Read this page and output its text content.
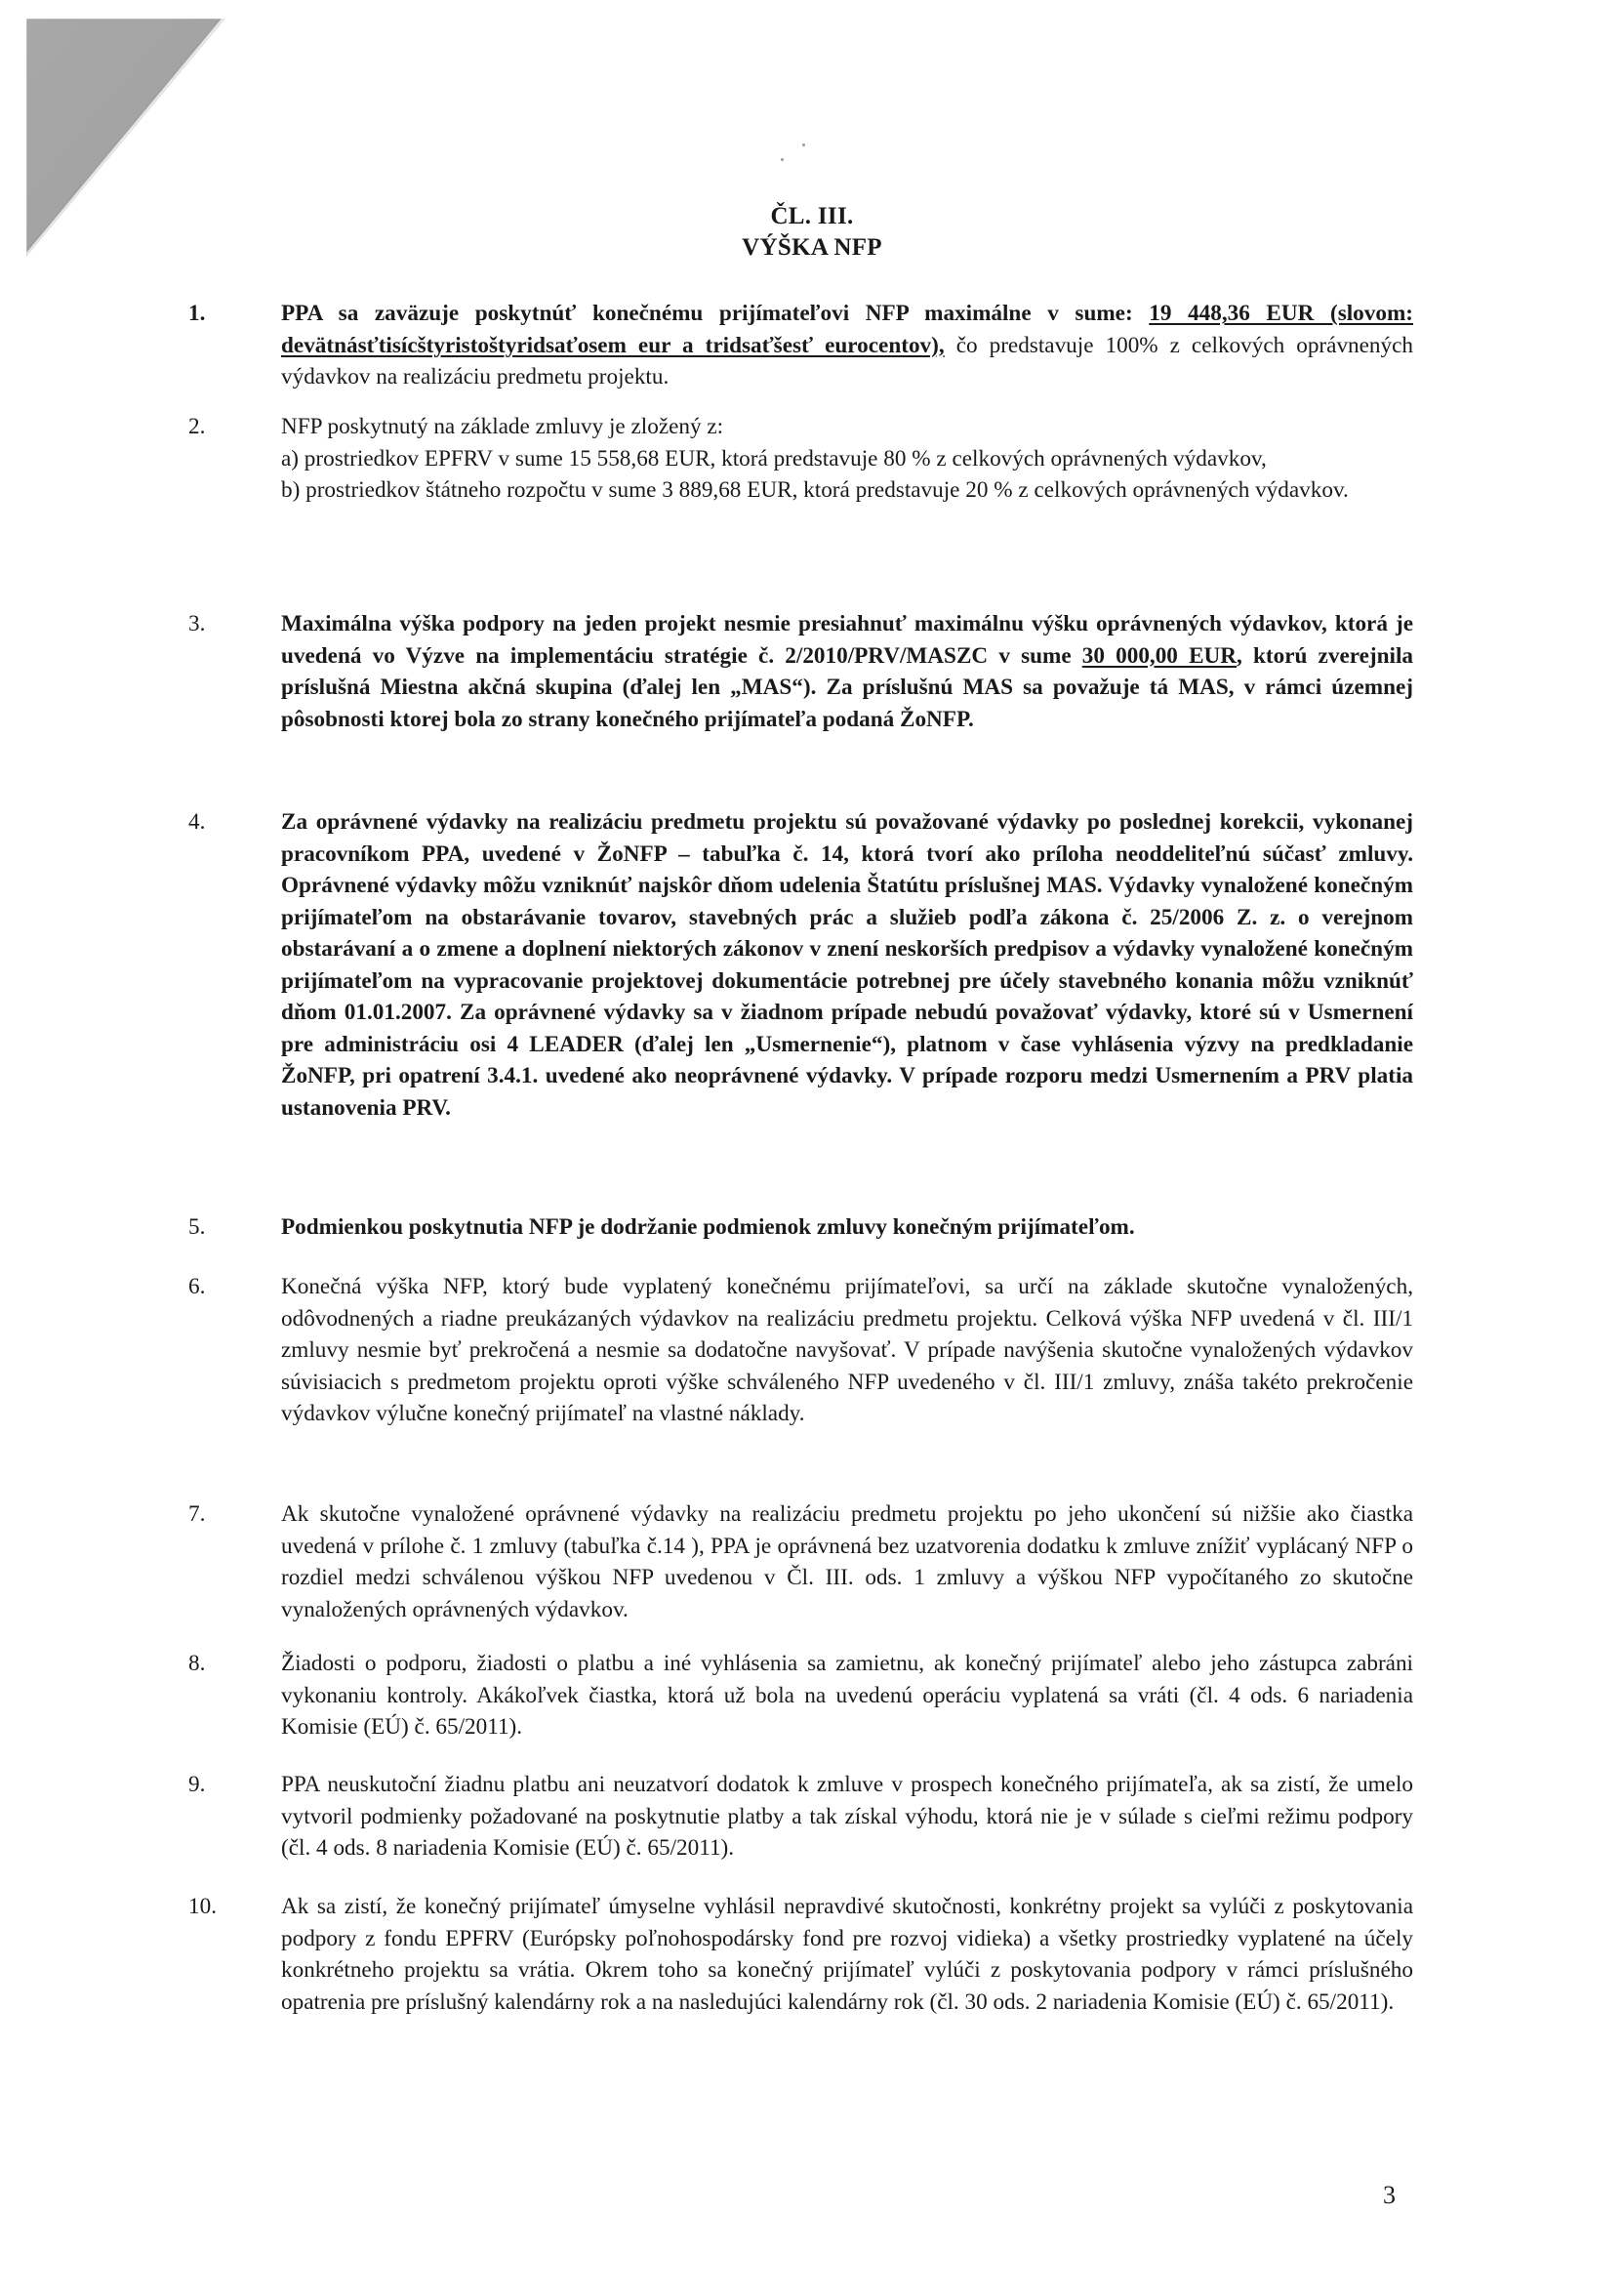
ČL. III.
VÝŠKA NFP
1.	PPA sa zaväzuje poskytnúť konečnému prijímateľovi NFP maximálne v sume: 19 448,36 EUR (slovom: devätnásťtisícštyristoštyridsaťosem eur a tridsaťšesť eurocentov), čo predstavuje 100% z celkových oprávnených výdavkov na realizáciu predmetu projektu.
2.	NFP poskytnutý na základe zmluvy je zložený z:
a) prostriedkov EPFRV v sume 15 558,68 EUR, ktorá predstavuje 80 % z celkových oprávnených výdavkov,
b) prostriedkov štátneho rozpočtu v sume 3 889,68 EUR, ktorá predstavuje 20 % z celkových oprávnených výdavkov.
3.	Maximálna výška podpory na jeden projekt nesmie presiahnuť maximálnu výšku oprávnených výdavkov, ktorá je uvedená vo Výzve na implementáciu stratégie č. 2/2010/PRV/MASZC v sume 30 000,00 EUR, ktorú zverejnila príslušná Miestna akčná skupina (ďalej len „MAS“). Za príslušnú MAS sa považuje tá MAS, v rámci územnej pôsobnosti ktorej bola zo strany konečného prijímateľa podaná ŽoNFP.
4.	Za oprávnené výdavky na realizáciu predmetu projektu sú považované výdavky po poslednej korekcii, vykonanej pracovníkom PPA, uvedené v ŽoNFP – tabuľka č. 14, ktorá tvorí ako príloha neoddeliteľnú súčasť zmluvy. Oprávnené výdavky môžu vzniknúť najskôr dňom udelenia Štatútu príslušnej MAS. Výdavky vynaložené konečným prijímateľom na obstarávanie tovarov, stavebných prác a služieb podľa zákona č. 25/2006 Z. z. o verejnom obstarávaní a o zmene a doplnení niektorých zákonov v znení neskorších predpisov a výdavky vynaložené konečným prijímateľom na vypracovanie projektovej dokumentácie potrebnej pre účely stavebného konania môžu vzniknúť dňom 01.01.2007. Za oprávnené výdavky sa v žiadnom prípade nebudú považovať výdavky, ktoré sú v Usmernení pre administráciu osi 4 LEADER (ďalej len „Usmernenie“), platnom v čase vyhlásenia výzvy na predkladanie ŽoNFP, pri opatrení 3.4.1. uvedené ako neoprávnené výdavky. V prípade rozporu medzi Usmernením a PRV platia ustanovenia PRV.
5.	Podmienkou poskytnutia NFP je dodržanie podmienok zmluvy konečným prijímateľom.
6.	Konečná výška NFP, ktorý bude vyplatený konečnému prijímateľovi, sa určí na základe skutočne vynaložených, odôvodnených a riadne preukázaných výdavkov na realizáciu predmetu projektu. Celková výška NFP uvedená v čl. III/1 zmluvy nesmie byť prekročená a nesmie sa dodatočne navyšovať. V prípade navýšenia skutočne vynaložených výdavkov súvisiacich s predmetom projektu oproti výške schváleného NFP uvedeného v čl. III/1 zmluvy, znáša takéto prekročenie výdavkov výlučne konečný prijímateľ na vlastné náklady.
7.	Ak skutočne vynaložené oprávnené výdavky na realizáciu predmetu projektu po jeho ukončení sú nižšie ako čiastka uvedená v prílohe č. 1 zmluvy (tabuľka č.14 ), PPA je oprávnená bez uzatvorenia dodatku k zmluve znížiť vyplácaný NFP o rozdiel medzi schválenou výškou NFP uvedenou v Čl. III. ods. 1 zmluvy a výškou NFP vypočítaného zo skutočne vynaložených oprávnených výdavkov.
8.	Žiadosti o podporu, žiadosti o platbu a iné vyhlásenia sa zamietnu, ak konečný prijímateľ alebo jeho zástupca zabráni vykonaniu kontroly. Akákoľvek čiastka, ktorá už bola na uvedenú operáciu vyplatená sa vráti (čl. 4 ods. 6 nariadenia Komisie (EÚ) č. 65/2011).
9.	PPA neuskutoční žiadnu platbu ani neuzatvorí dodatok k zmluve v prospech konečného prijímateľa, ak sa zistí, že umelo vytvoril podmienky požadované na poskytnutie platby a tak získal výhodu, ktorá nie je v súlade s cieľmi režimu podpory (čl. 4 ods. 8 nariadenia Komisie (EÚ) č. 65/2011).
10.	Ak sa zistí, že konečný prijímateľ úmyselne vyhlásil nepravdivé skutočnosti, konkrétny projekt sa vylúči z poskytovania podpory z fondu EPFRV (Európsky poľnohospodársky fond pre rozvoj vidieka) a všetky prostriedky vyplatené na účely konkrétneho projektu sa vrátia. Okrem toho sa konečný prijímateľ vylúči z poskytovania podpory v rámci príslušného opatrenia pre príslušný kalendárny rok a na nasledujúci kalendárny rok (čl. 30 ods. 2 nariadenia Komisie (EÚ) č. 65/2011).
3
